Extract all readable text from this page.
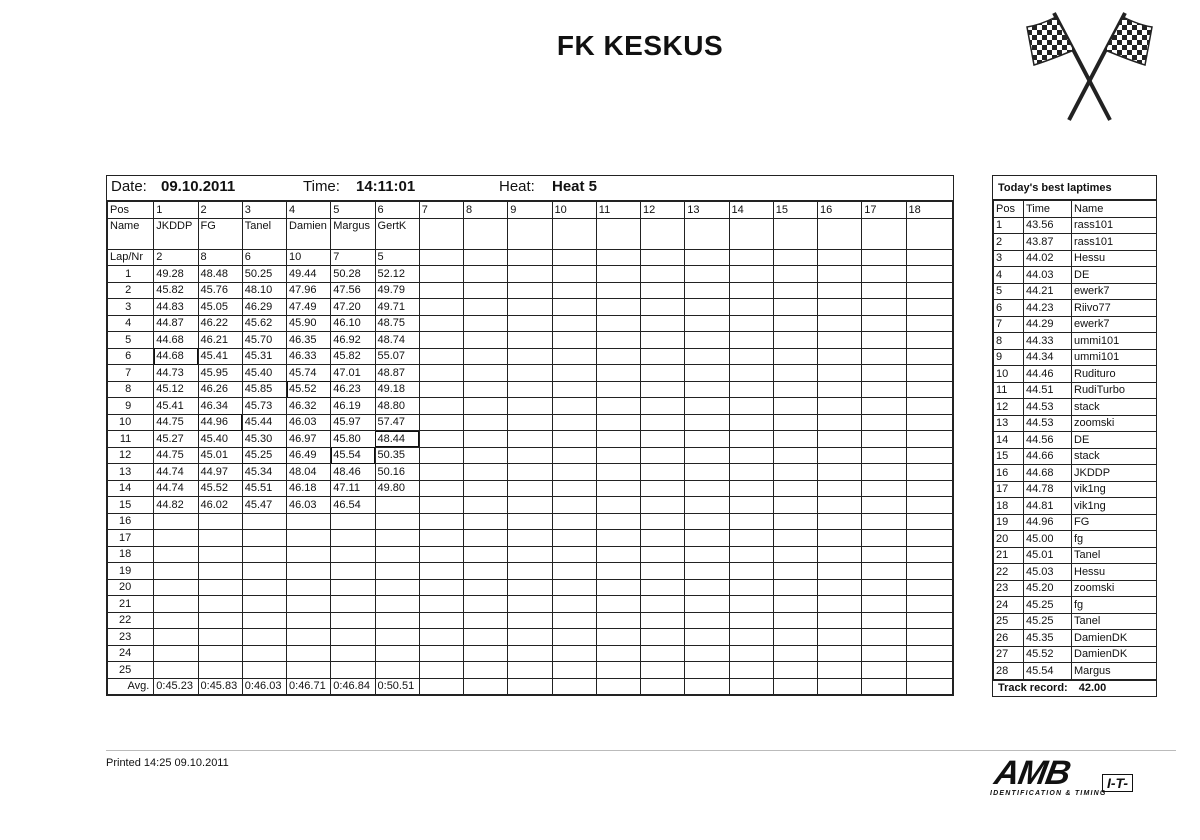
FK KESKUS
Date: 09.10.2011	Time: 14:11:01	Heat: Heat 5
Pos	1	2	3	4	5	6	7	8	9	10	11	12	13	14	15	16	17	18
Name	JKDDP	FG	Tanel	Damien	Margus	GertK												
Lap/Nr	2	8	6	10	7	5												
1	49.28	48.48	50.25	49.44	50.28	52.12												
2	45.82	45.76	48.10	47.96	47.56	49.79												
3	44.83	45.05	46.29	47.49	47.20	49.71												
4	44.87	46.22	45.62	45.90	46.10	48.75												
5	44.68	46.21	45.70	46.35	46.92	48.74												
6	44.68	45.41	45.31	46.33	45.82	55.07												
7	44.73	45.95	45.40	45.74	47.01	48.87												
8	45.12	46.26	45.85	45.52	46.23	49.18												
9	45.41	46.34	45.73	46.32	46.19	48.80												
10	44.75	44.96	45.44	46.03	45.97	57.47												
11	45.27	45.40	45.30	46.97	45.80	48.44												
12	44.75	45.01	45.25	46.49	45.54	50.35												
13	44.74	44.97	45.34	48.04	48.46	50.16												
14	44.74	45.52	45.51	46.18	47.11	49.80												
15	44.82	46.02	45.47	46.03	46.54													
16																		
17																		
18																		
19																		
20																		
21																		
22																		
23																		
24																		
25																		
Avg.	0:45.23	0:45.83	0:46.03	0:46.71	0:46.84	0:50.51												
Today's best laptimes
Pos	Time	Name
1	43.56	rass101
2	43.87	rass101
3	44.02	Hessu
4	44.03	DE
5	44.21	ewerk7
6	44.23	Riivo77
7	44.29	ewerk7
8	44.33	ummi101
9	44.34	ummi101
10	44.46	Rudituro
11	44.51	RudiTurbo
12	44.53	stack
13	44.53	zoomski
14	44.56	DE
15	44.66	stack
16	44.68	JKDDP
17	44.78	vik1ng
18	44.81	vik1ng
19	44.96	FG
20	45.00	fg
21	45.01	Tanel
22	45.03	Hessu
23	45.20	zoomski
24	45.25	fg
25	45.25	Tanel
26	45.35	DamienDK
27	45.52	DamienDK
28	45.54	Margus
Track record: 42.00
Printed 14:25 09.10.2011	AMB	I-T-
IDENTIFICATION & TIMING
